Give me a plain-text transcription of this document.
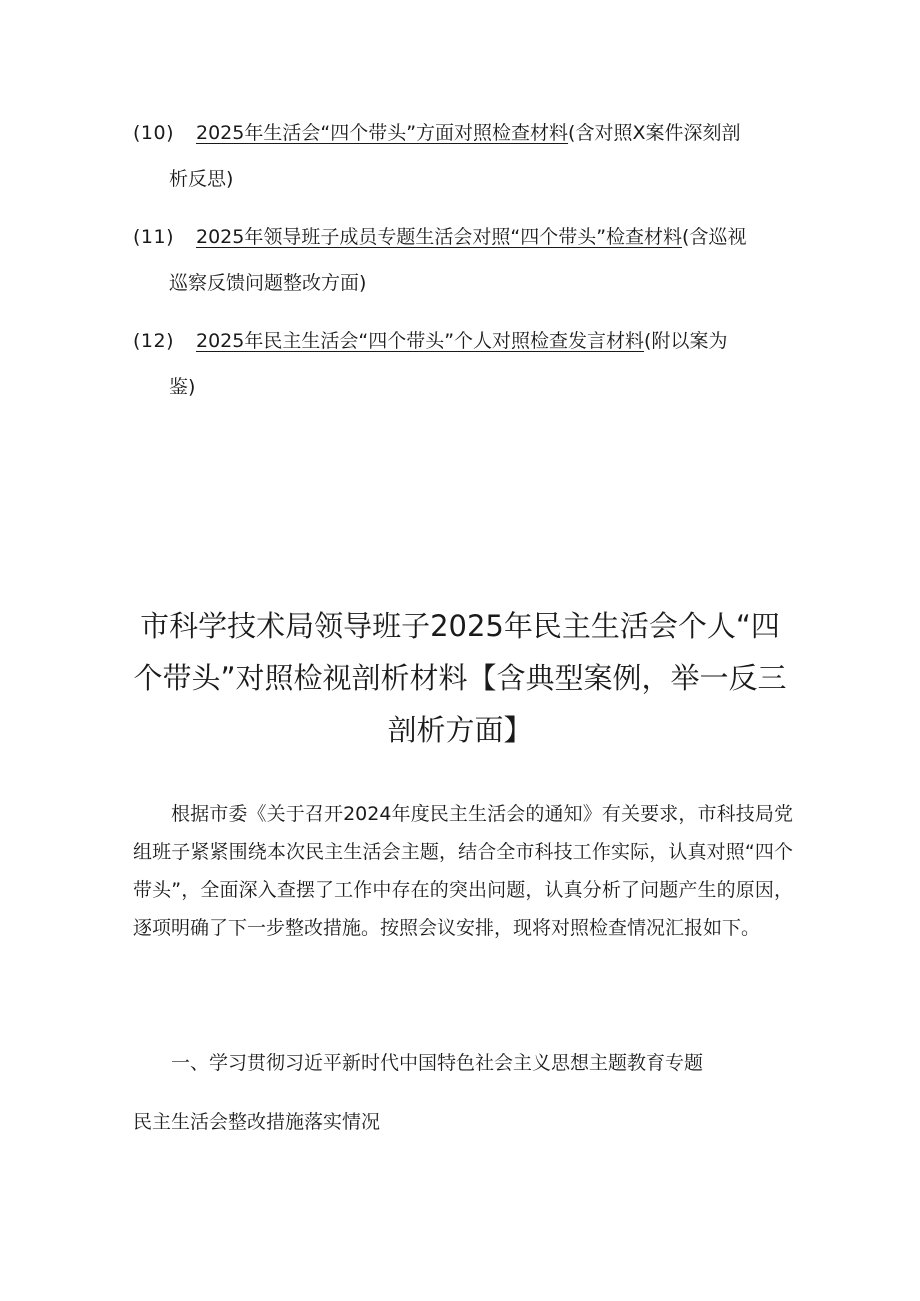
(10) 2025年生活会“四个带头”方面对照检查材料(含对照X案件深刻剖
析反思)
(11) 2025年领导班子成员专题生活会对照“四个带头”检查材料(含巡视
巡察反馈问题整改方面)
(12) 2025年民主生活会“四个带头”个人对照检查发言材料(附以案为
鉴)
市科学技术局领导班子2025年民主生活会个人“四个带头”对照检视剖析材料【含典型案例，举一反三剖析方面】

根据市委《关于召开2024年度民主生活会的通知》有关要求，市科技局党组班子紧紧围绕本次民主生活会主题，结合全市科技工作实际，认真对照“四个带头”，全面深入查摆了工作中存在的突出问题，认真分析了问题产生的原因，逐项明确了下一步整改措施。按照会议安排，现将对照检查情况汇报如下。

一、学习贯彻习近平新时代中国特色社会主义思想主题教育专题

民主生活会整改措施落实情况
